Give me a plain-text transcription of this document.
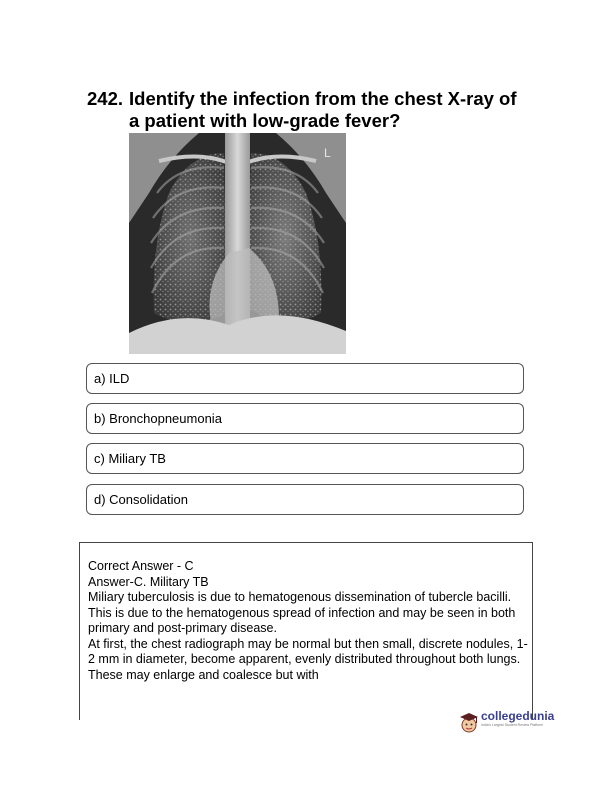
242. Identify the infection from the chest X-ray of a patient with low-grade fever?
L
a) ILD
b) Bronchopneumonia
c) Miliary TB
d) Consolidation
Correct Answer - C
Answer-C. Military TB
Miliary tuberculosis is due to hematogenous dissemination of tubercle bacilli.
This is due to the hematogenous spread of infection and may be seen in both primary and post-primary disease.
At first, the chest radiograph may be normal but then small, discrete nodules, 1-2 mm in diameter, become apparent, evenly distributed throughout both lungs. These may enlarge and coalesce but with
collegedunia
India's Largest Student Review Platform
